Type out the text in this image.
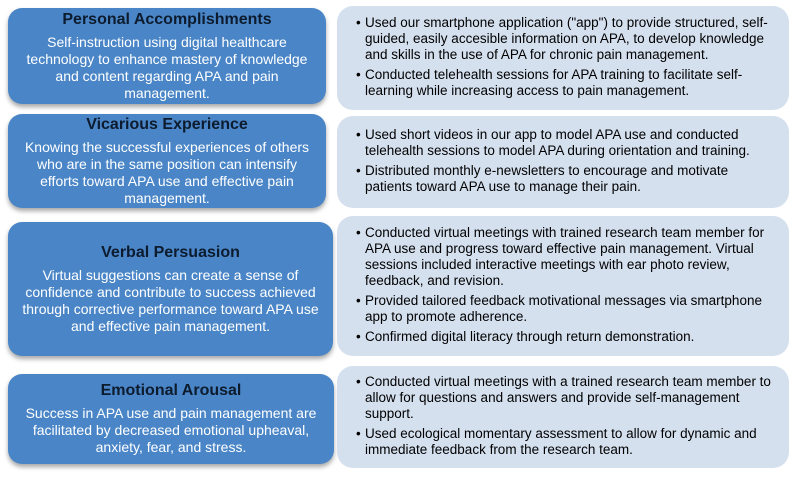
Personal Accomplishments
Self-instruction using digital healthcare technology to enhance mastery of knowledge and content regarding APA and pain management.
• Used our smartphone application ("app") to provide structured, self-guided, easily accesible information on APA, to develop knowledge and skills in the use of APA for chronic pain management.
• Conducted telehealth sessions for APA training to facilitate self-learning while increasing access to pain management.
Vicarious Experience
Knowing the successful experiences of others who are in the same position can intensify efforts toward APA use and effective pain management.
• Used short videos in our app to model APA use and conducted telehealth sessions to model APA during orientation and training.
• Distributed monthly e-newsletters to encourage and motivate patients toward APA use to manage their pain.
Verbal Persuasion
Virtual suggestions can create a sense of confidence and contribute to success achieved through corrective performance toward APA use and effective pain management.
• Conducted virtual meetings with trained research team member for APA use and progress toward effective pain management. Virtual sessions included interactive meetings with ear photo review, feedback, and revision.
• Provided tailored feedback motivational messages via smartphone app to promote adherence.
• Confirmed digital literacy through return demonstration.
Emotional Arousal
Success in APA use and pain management are facilitated by decreased emotional upheaval, anxiety, fear, and stress.
• Conducted virtual meetings with a trained research team member to allow for questions and answers and provide self-management support.
• Used ecological momentary assessment to allow for dynamic and immediate feedback from the research team.
